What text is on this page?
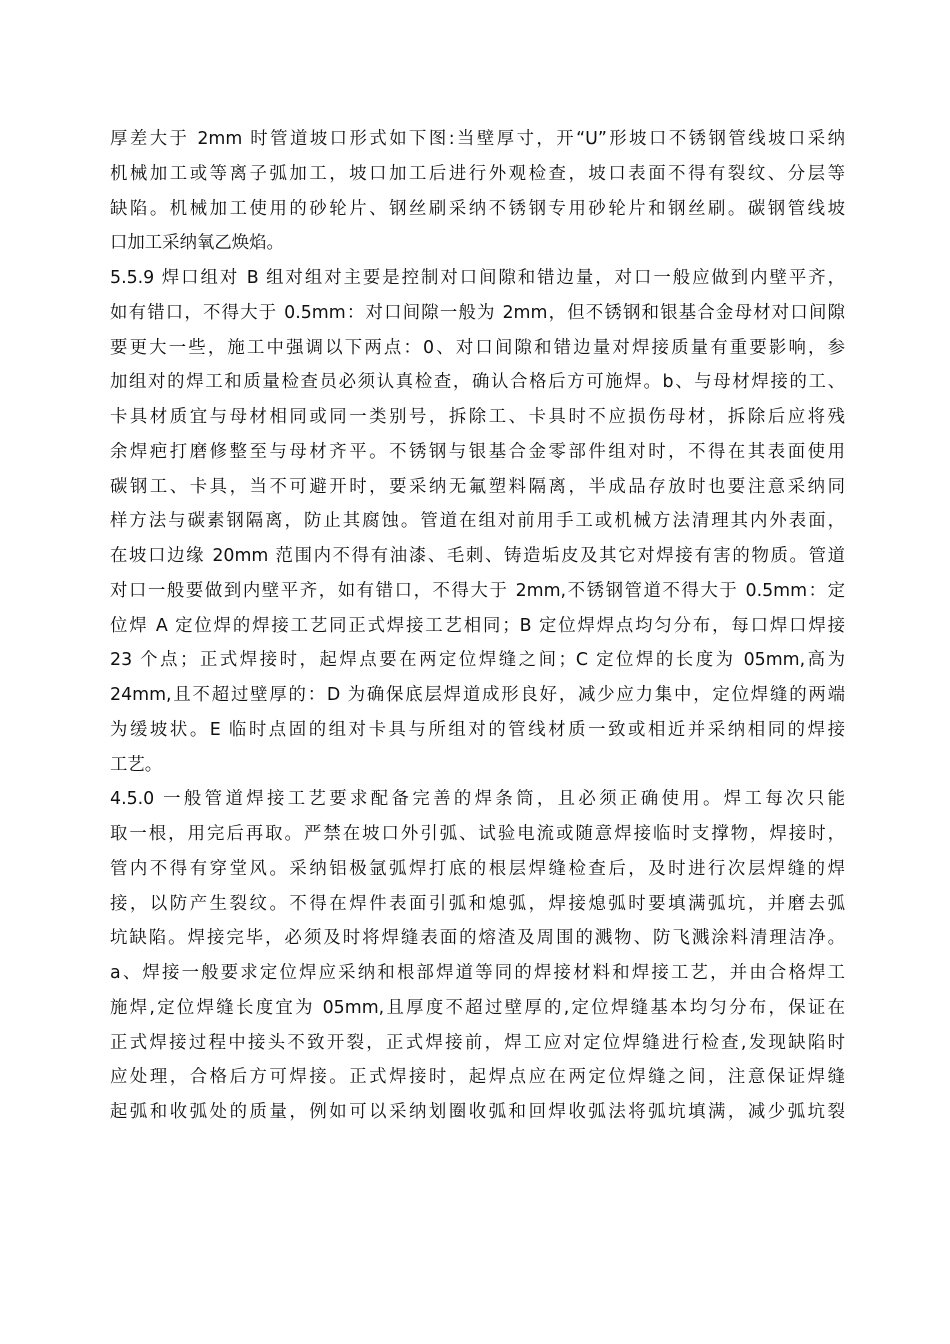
厚差大于 2mm 时管道坡口形式如下图:当壁厚寸，开“U”形坡口不锈钢管线坡口采纳
机械加工或等离子弧加工，坡口加工后进行外观检查，坡口表面不得有裂纹、分层等
缺陷。机械加工使用的砂轮片、钢丝刷采纳不锈钢专用砂轮片和钢丝刷。碳钢管线坡
口加工采纳氧乙焕焰。
5.5.9 焊口组对 B 组对组对主要是控制对口间隙和错边量，对口一般应做到内壁平齐，
如有错口，不得大于 0.5mm：对口间隙一般为 2mm，但不锈钢和银基合金母材对口间隙
要更大一些，施工中强调以下两点：0、对口间隙和错边量对焊接质量有重要影响，参
加组对的焊工和质量检查员必须认真检查，确认合格后方可施焊。b、与母材焊接的工、
卡具材质宜与母材相同或同一类别号，拆除工、卡具时不应损伤母材，拆除后应将残
余焊疤打磨修整至与母材齐平。不锈钢与银基合金零部件组对时，不得在其表面使用
碳钢工、卡具，当不可避开时，要采纳无氟塑料隔离，半成品存放时也要注意采纳同
样方法与碳素钢隔离，防止其腐蚀。管道在组对前用手工或机械方法清理其内外表面，
在坡口边缘 20mm 范围内不得有油漆、毛刺、铸造垢皮及其它对焊接有害的物质。管道
对口一般要做到内壁平齐，如有错口，不得大于 2mm,不锈钢管道不得大于 0.5mm：定
位焊 A 定位焊的焊接工艺同正式焊接工艺相同；B 定位焊焊点均匀分布，每口焊口焊接
23 个点；正式焊接时，起焊点要在两定位焊缝之间；C 定位焊的长度为 05mm,高为
24mm,且不超过壁厚的：D 为确保底层焊道成形良好，减少应力集中，定位焊缝的两端
为缓坡状。E 临时点固的组对卡具与所组对的管线材质一致或相近并采纳相同的焊接
工艺。
4.5.0 一般管道焊接工艺要求配备完善的焊条筒，且必须正确使用。焊工每次只能
取一根，用完后再取。严禁在坡口外引弧、试验电流或随意焊接临时支撑物，焊接时，
管内不得有穿堂风。采纳铝极氩弧焊打底的根层焊缝检查后，及时进行次层焊缝的焊
接，以防产生裂纹。不得在焊件表面引弧和熄弧，焊接熄弧时要填满弧坑，并磨去弧
坑缺陷。焊接完毕，必须及时将焊缝表面的熔渣及周围的溅物、防飞溅涂料清理洁净。
a、焊接一般要求定位焊应采纳和根部焊道等同的焊接材料和焊接工艺，并由合格焊工
施焊,定位焊缝长度宜为 05mm,且厚度不超过壁厚的,定位焊缝基本均匀分布，保证在
正式焊接过程中接头不致开裂，正式焊接前，焊工应对定位焊缝进行检查,发现缺陷时
应处理，合格后方可焊接。正式焊接时，起焊点应在两定位焊缝之间，注意保证焊缝
起弧和收弧处的质量，例如可以采纳划圈收弧和回焊收弧法将弧坑填满，减少弧坑裂
